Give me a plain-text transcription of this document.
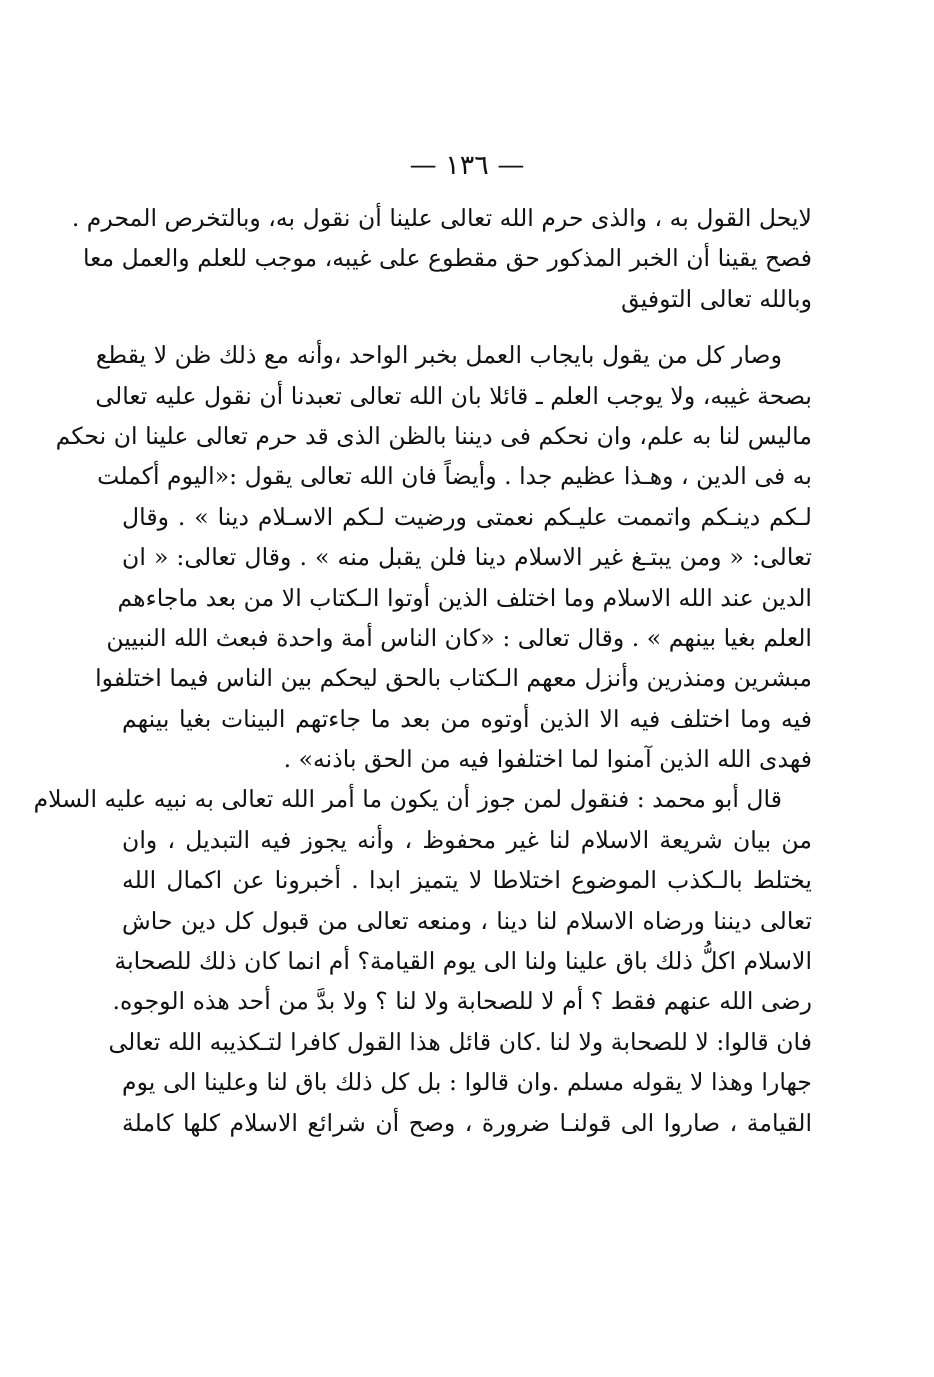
— ١٣٦ —
لايحل القول به ، والذى حرم الله تعالى علينا أن نقول به، وبالتخرص المحرم .
فصح يقينا أن الخبر المذكور حق مقطوع على غيبه، موجب للعلم والعمل معا
وبالله تعالى التوفيق
وصار كل من يقول بايجاب العمل بخبر الواحد ،وأنه مع ذلك ظن لا يقطع
بصحة غيبه، ولا يوجب العلم ـ قائلا بان الله تعالى تعبدنا أن نقول عليه تعالى
ماليس لنا به علم، وان نحكم فى ديننا بالظن الذى قد حرم تعالى علينا ان نحكم
به فى الدين ، وهـذا عظيم جدا . وأيضاً فان الله تعالى يقول :«اليوم أكملت
لـكم دينـكم واتممت عليـكم نعمتى ورضيت لـكم الاسـلام دينا » . وقال
تعالى: « ومن يبتـغ غير الاسلام دينا فلن يقبل منه » . وقال تعالى: « ان
الدين عند الله الاسلام وما اختلف الذين أوتوا الـكتاب الا من بعد ماجاءهم
العلم بغيا بينهم » . وقال تعالى : «كان الناس أمة واحدة فبعث الله النبيين
مبشرين ومنذرين وأنزل معهم الـكتاب بالحق ليحكم بين الناس فيما اختلفوا
فيه وما اختلف فيه الا الذين أوتوه من بعد ما جاءتهم البينات بغيا بينهم
فهدى الله الذين آمنوا لما اختلفوا فيه من الحق باذنه» .
قال أبو محمد : فنقول لمن جوز أن يكون ما أمر الله تعالى به نبيه عليه السلام
من بيان شريعة الاسلام لنا غير محفوظ ، وأنه يجوز فيه التبديل ، وان
يختلط بالـكذب الموضوع اختلاطا لا يتميز ابدا . أخبرونا عن اكمال الله
تعالى ديننا ورضاه الاسلام لنا دينا ، ومنعه تعالى من قبول كل دين حاش
الاسلام اكلُّ ذلك باق علينا ولنا الى يوم القيامة؟ أم انما كان ذلك للصحابة
رضى الله عنهم فقط ؟ أم لا للصحابة ولا لنا ؟ ولا بدَّ من أحد هذه الوجوه.
فان قالوا: لا للصحابة ولا لنا .كان قائل هذا القول كافرا لتـكذيبه الله تعالى
جهارا وهذا لا يقوله مسلم .وان قالوا : بل كل ذلك باق لنا وعلينا الى يوم
القيامة ، صاروا الى قولنـا ضرورة ، وصح أن شرائع الاسلام كلها كاملة
